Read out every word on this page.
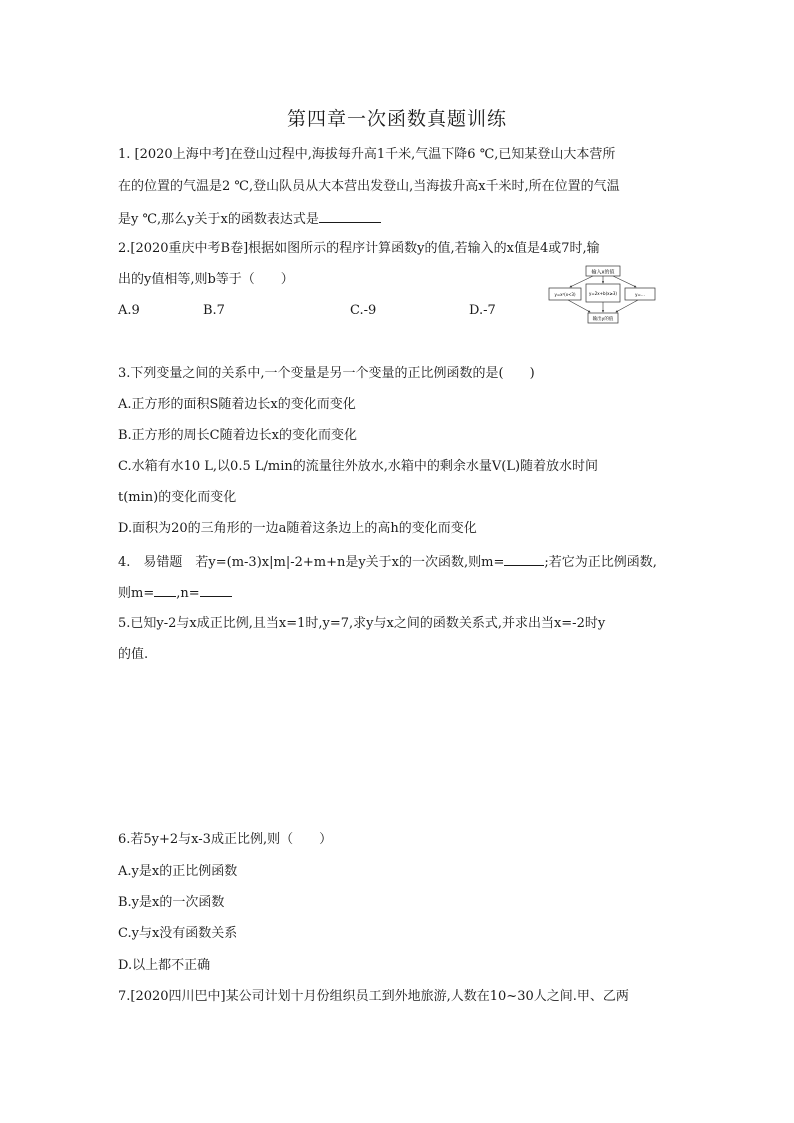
第四章一次函数真题训练
1. [2020上海中考]在登山过程中,海拔每升高1千米,气温下降6 ℃,已知某登山大本营所
在的位置的气温是2 ℃,登山队员从大本营出发登山,当海拔升高x千米时,所在位置的气温
是y ℃,那么y关于x的函数表达式是
2.[2020重庆中考B卷]根据如图所示的程序计算函数y的值,若输入的x值是4或7时,输
出的y值相等,则b等于（　　）
A.9	B.7	C.-9	D.-7
输入x的值
y=x²(x<3)	y=2x+b(x≥3)	y=…
输出y的值
3.下列变量之间的关系中,一个变量是另一个变量的正比例函数的是(　　)
A.正方形的面积S随着边长x的变化而变化
B.正方形的周长C随着边长x的变化而变化
C.水箱有水10 L,以0.5 L/min的流量往外放水,水箱中的剩余水量V(L)随着放水时间
t(min)的变化而变化
D.面积为20的三角形的一边a随着这条边上的高h的变化而变化
4.　易错题　若y=(m-3)x|m|-2+m+n是y关于x的一次函数,则m=	;若它为正比例函数,
则m= ,n=
5.已知y-2与x成正比例,且当x=1时,y=7,求y与x之间的函数关系式,并求出当x=-2时y
的值.
6.若5y+2与x-3成正比例,则（　　）
A.y是x的正比例函数
B.y是x的一次函数
C.y与x没有函数关系
D.以上都不正确
7.[2020四川巴中]某公司计划十月份组织员工到外地旅游,人数在10~30人之间.甲、乙两
